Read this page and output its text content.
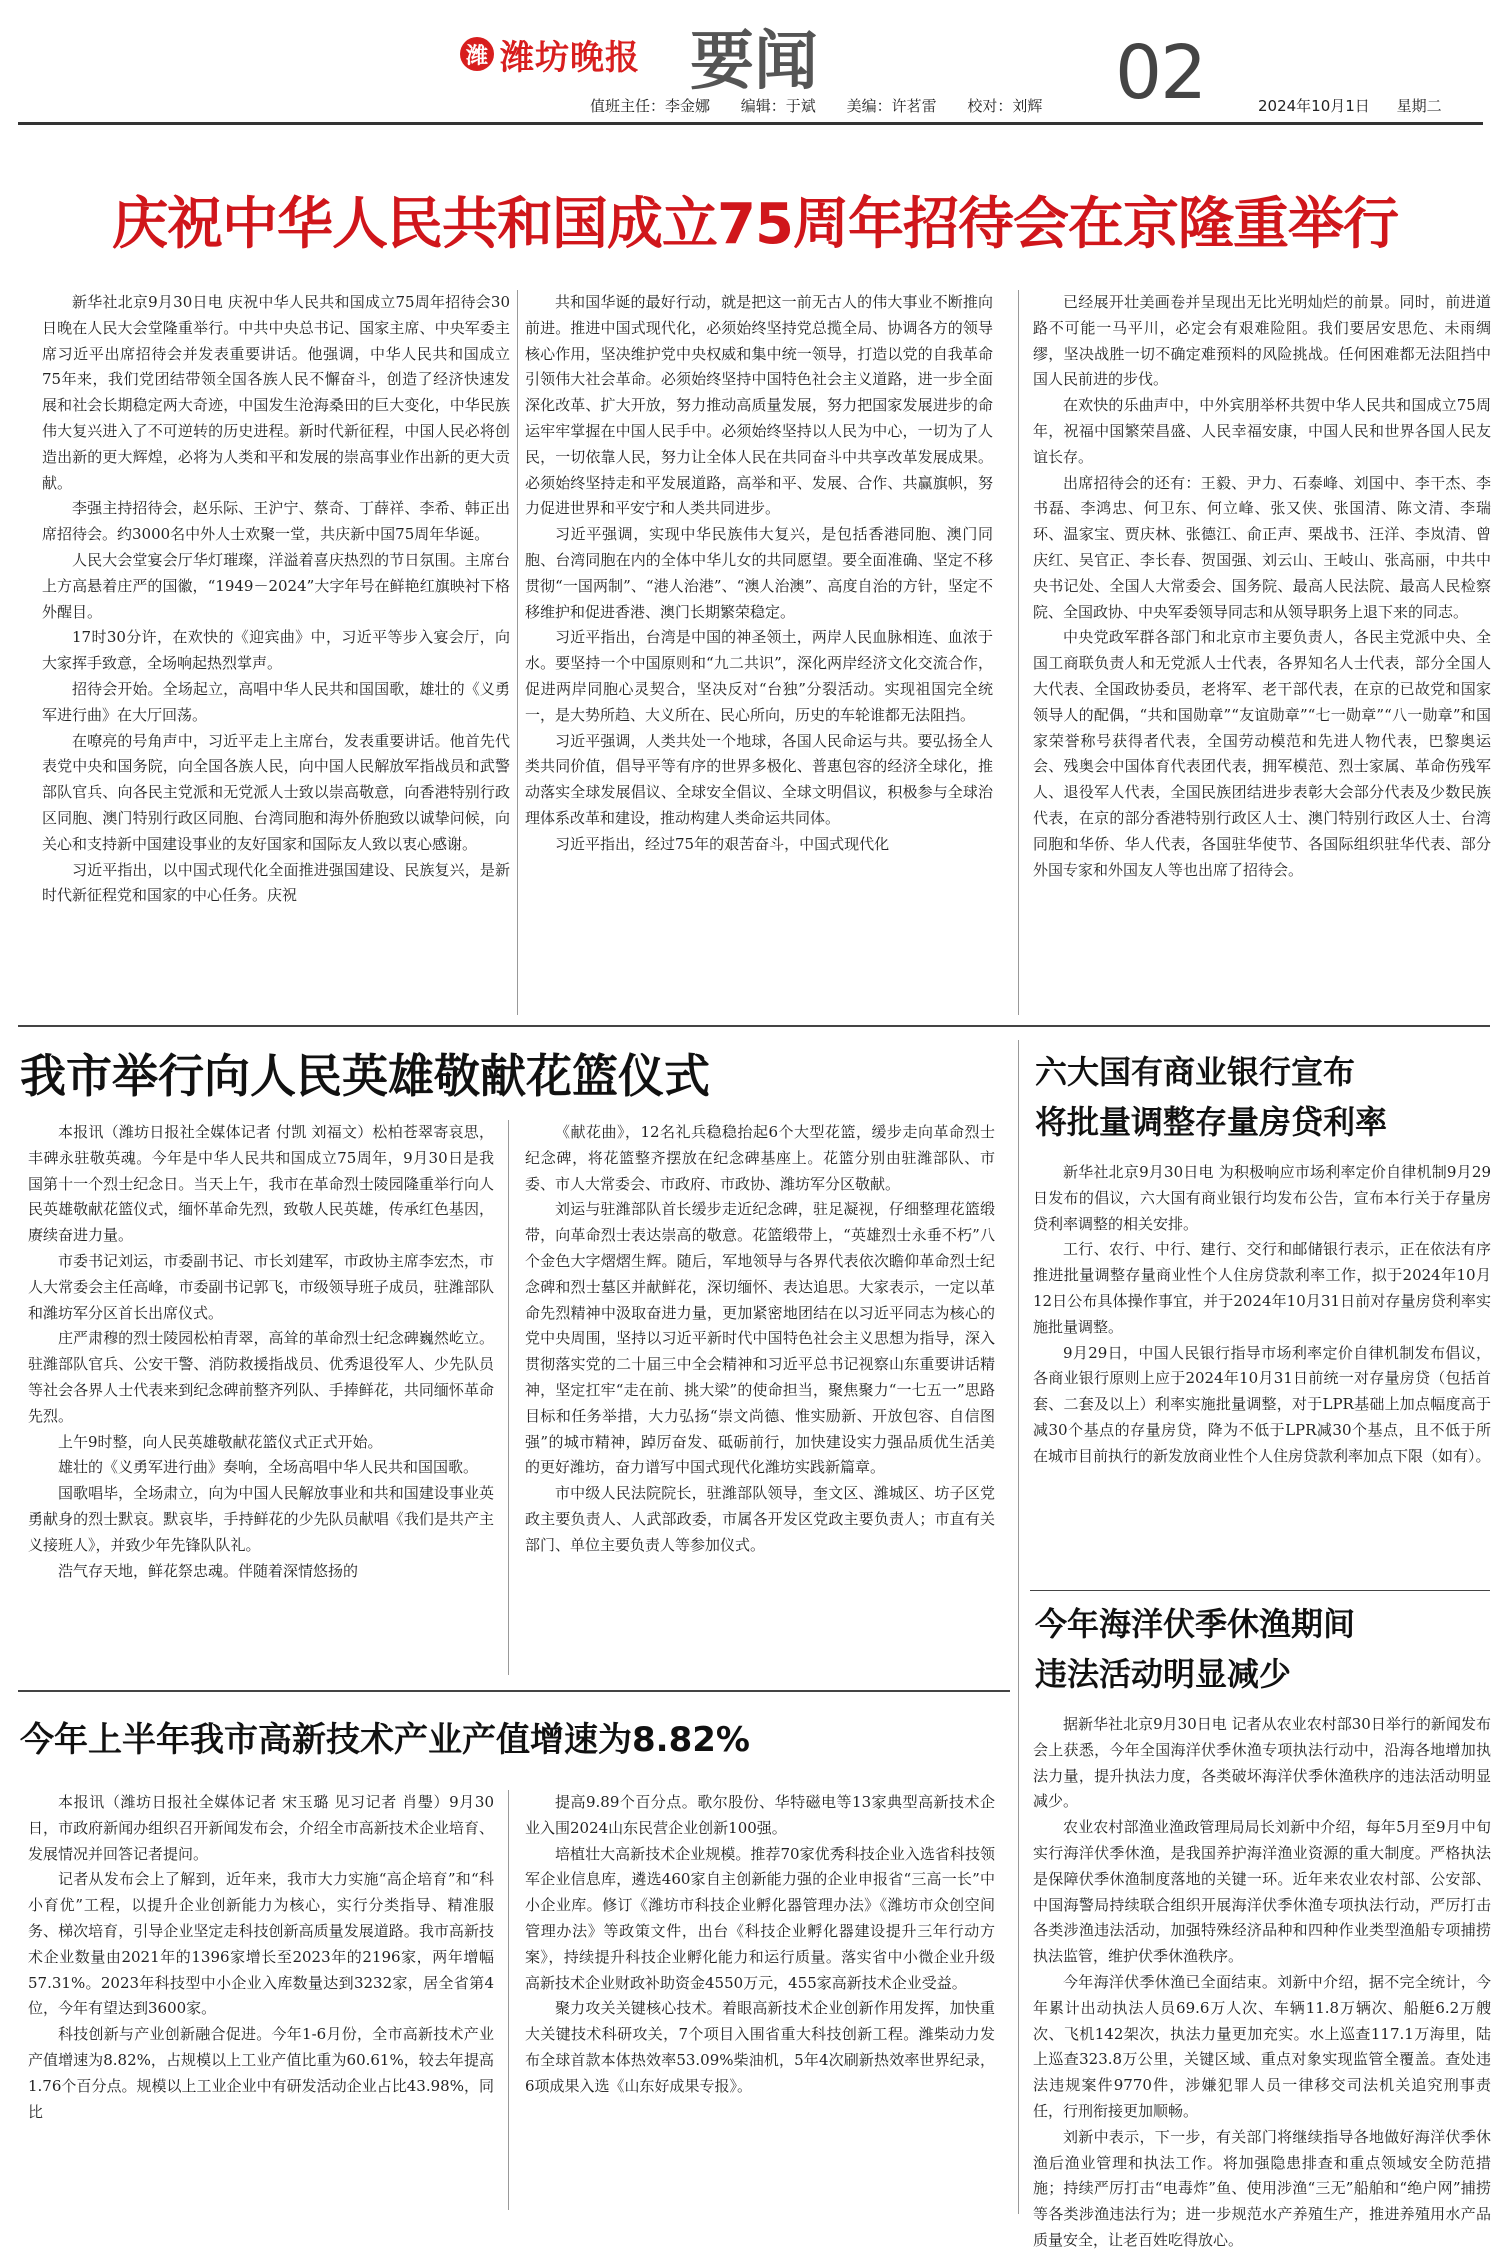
潍 潍坊晚报 要闻	02
值班主任：李金娜 编辑：于斌 美编：许茗雷 校对：刘辉	2024年10月1日 星期二
庆祝中华人民共和国成立75周年招待会在京隆重举行

新华社北京9月30日电 庆祝中华人民共和国成立75周年招待会30日晚在人民大会堂隆重举行。中共中央总书记、国家主席、中央军委主席习近平出席招待会并发表重要讲话。他强调，中华人民共和国成立75年来，我们党团结带领全国各族人民不懈奋斗，创造了经济快速发展和社会长期稳定两大奇迹，中国发生沧海桑田的巨大变化，中华民族伟大复兴进入了不可逆转的历史进程。新时代新征程，中国人民必将创造出新的更大辉煌，必将为人类和平和发展的崇高事业作出新的更大贡献。

李强主持招待会，赵乐际、王沪宁、蔡奇、丁薛祥、李希、韩正出席招待会。约3000名中外人士欢聚一堂，共庆新中国75周年华诞。

人民大会堂宴会厅华灯璀璨，洋溢着喜庆热烈的节日氛围。主席台上方高悬着庄严的国徽，“1949－2024”大字年号在鲜艳红旗映衬下格外醒目。

17时30分许，在欢快的《迎宾曲》中，习近平等步入宴会厅，向大家挥手致意，全场响起热烈掌声。

招待会开始。全场起立，高唱中华人民共和国国歌，雄壮的《义勇军进行曲》在大厅回荡。

在嘹亮的号角声中，习近平走上主席台，发表重要讲话。他首先代表党中央和国务院，向全国各族人民，向中国人民解放军指战员和武警部队官兵、向各民主党派和无党派人士致以崇高敬意，向香港特别行政区同胞、澳门特别行政区同胞、台湾同胞和海外侨胞致以诚挚问候，向关心和支持新中国建设事业的友好国家和国际友人致以衷心感谢。

习近平指出，以中国式现代化全面推进强国建设、民族复兴，是新时代新征程党和国家的中心任务。庆祝

共和国华诞的最好行动，就是把这一前无古人的伟大事业不断推向前进。推进中国式现代化，必须始终坚持党总揽全局、协调各方的领导核心作用，坚决维护党中央权威和集中统一领导，打造以党的自我革命引领伟大社会革命。必须始终坚持中国特色社会主义道路，进一步全面深化改革、扩大开放，努力推动高质量发展，努力把国家发展进步的命运牢牢掌握在中国人民手中。必须始终坚持以人民为中心，一切为了人民，一切依靠人民，努力让全体人民在共同奋斗中共享改革发展成果。必须始终坚持走和平发展道路，高举和平、发展、合作、共赢旗帜，努力促进世界和平安宁和人类共同进步。

习近平强调，实现中华民族伟大复兴，是包括香港同胞、澳门同胞、台湾同胞在内的全体中华儿女的共同愿望。要全面准确、坚定不移贯彻“一国两制”、“港人治港”、“澳人治澳”、高度自治的方针，坚定不移维护和促进香港、澳门长期繁荣稳定。

习近平指出，台湾是中国的神圣领土，两岸人民血脉相连、血浓于水。要坚持一个中国原则和“九二共识”，深化两岸经济文化交流合作，促进两岸同胞心灵契合，坚决反对“台独”分裂活动。实现祖国完全统一，是大势所趋、大义所在、民心所向，历史的车轮谁都无法阻挡。

习近平强调，人类共处一个地球，各国人民命运与共。要弘扬全人类共同价值，倡导平等有序的世界多极化、普惠包容的经济全球化，推动落实全球发展倡议、全球安全倡议、全球文明倡议，积极参与全球治理体系改革和建设，推动构建人类命运共同体。

习近平指出，经过75年的艰苦奋斗，中国式现代化

已经展开壮美画卷并呈现出无比光明灿烂的前景。同时，前进道路不可能一马平川，必定会有艰难险阻。我们要居安思危、未雨绸缪，坚决战胜一切不确定难预料的风险挑战。任何困难都无法阻挡中国人民前进的步伐。

在欢快的乐曲声中，中外宾朋举杯共贺中华人民共和国成立75周年，祝福中国繁荣昌盛、人民幸福安康，中国人民和世界各国人民友谊长存。

出席招待会的还有：王毅、尹力、石泰峰、刘国中、李干杰、李书磊、李鸿忠、何卫东、何立峰、张又侠、张国清、陈文清、李瑞环、温家宝、贾庆林、张德江、俞正声、栗战书、汪洋、李岚清、曾庆红、吴官正、李长春、贺国强、刘云山、王岐山、张高丽，中共中央书记处、全国人大常委会、国务院、最高人民法院、最高人民检察院、全国政协、中央军委领导同志和从领导职务上退下来的同志。

中央党政军群各部门和北京市主要负责人，各民主党派中央、全国工商联负责人和无党派人士代表，各界知名人士代表，部分全国人大代表、全国政协委员，老将军、老干部代表，在京的已故党和国家领导人的配偶，“共和国勋章”“友谊勋章”“七一勋章”“八一勋章”和国家荣誉称号获得者代表，全国劳动模范和先进人物代表，巴黎奥运会、残奥会中国体育代表团代表，拥军模范、烈士家属、革命伤残军人、退役军人代表，全国民族团结进步表彰大会部分代表及少数民族代表，在京的部分香港特别行政区人士、澳门特别行政区人士、台湾同胞和华侨、华人代表，各国驻华使节、各国际组织驻华代表、部分外国专家和外国友人等也出席了招待会。

我市举行向人民英雄敬献花篮仪式

本报讯（潍坊日报社全媒体记者 付凯 刘福文）松柏苍翠寄哀思，丰碑永驻敬英魂。今年是中华人民共和国成立75周年，9月30日是我国第十一个烈士纪念日。当天上午，我市在革命烈士陵园隆重举行向人民英雄敬献花篮仪式，缅怀革命先烈，致敬人民英雄，传承红色基因，赓续奋进力量。

市委书记刘运，市委副书记、市长刘建军，市政协主席李宏杰，市人大常委会主任高峰，市委副书记郭飞，市级领导班子成员，驻潍部队和潍坊军分区首长出席仪式。

庄严肃穆的烈士陵园松柏青翠，高耸的革命烈士纪念碑巍然屹立。驻潍部队官兵、公安干警、消防救援指战员、优秀退役军人、少先队员等社会各界人士代表来到纪念碑前整齐列队、手捧鲜花，共同缅怀革命先烈。

上午9时整，向人民英雄敬献花篮仪式正式开始。

雄壮的《义勇军进行曲》奏响，全场高唱中华人民共和国国歌。

国歌唱毕，全场肃立，向为中国人民解放事业和共和国建设事业英勇献身的烈士默哀。默哀毕，手持鲜花的少先队员献唱《我们是共产主义接班人》，并致少年先锋队队礼。

浩气存天地，鲜花祭忠魂。伴随着深情悠扬的

《献花曲》，12名礼兵稳稳抬起6个大型花篮，缓步走向革命烈士纪念碑，将花篮整齐摆放在纪念碑基座上。花篮分别由驻潍部队、市委、市人大常委会、市政府、市政协、潍坊军分区敬献。

刘运与驻潍部队首长缓步走近纪念碑，驻足凝视，仔细整理花篮缎带，向革命烈士表达崇高的敬意。花篮缎带上，“英雄烈士永垂不朽”八个金色大字熠熠生辉。随后，军地领导与各界代表依次瞻仰革命烈士纪念碑和烈士墓区并献鲜花，深切缅怀、表达追思。大家表示，一定以革命先烈精神中汲取奋进力量，更加紧密地团结在以习近平同志为核心的党中央周围，坚持以习近平新时代中国特色社会主义思想为指导，深入贯彻落实党的二十届三中全会精神和习近平总书记视察山东重要讲话精神，坚定扛牢“走在前、挑大梁”的使命担当，聚焦聚力“一七五一”思路目标和任务举措，大力弘扬“崇文尚德、惟实励新、开放包容、自信图强”的城市精神，踔厉奋发、砥砺前行，加快建设实力强品质优生活美的更好潍坊，奋力谱写中国式现代化潍坊实践新篇章。

市中级人民法院院长，驻潍部队领导，奎文区、潍城区、坊子区党政主要负责人、人武部政委，市属各开发区党政主要负责人；市直有关部门、单位主要负责人等参加仪式。

今年上半年我市高新技术产业产值增速为8.82%

本报讯（潍坊日报社全媒体记者 宋玉璐 见习记者 肖璺）9月30日，市政府新闻办组织召开新闻发布会，介绍全市高新技术企业培育、发展情况并回答记者提问。

记者从发布会上了解到，近年来，我市大力实施“高企培育”和“科小育优”工程，以提升企业创新能力为核心，实行分类指导、精准服务、梯次培育，引导企业坚定走科技创新高质量发展道路。我市高新技术企业数量由2021年的1396家增长至2023年的2196家，两年增幅57.31%。2023年科技型中小企业入库数量达到3232家，居全省第4位，今年有望达到3600家。

科技创新与产业创新融合促进。今年1-6月份，全市高新技术产业产值增速为8.82%，占规模以上工业产值比重为60.61%，较去年提高1.76个百分点。规模以上工业企业中有研发活动企业占比43.98%，同比

提高9.89个百分点。歌尔股份、华特磁电等13家典型高新技术企业入围2024山东民营企业创新100强。

培植壮大高新技术企业规模。推荐70家优秀科技企业入选省科技领军企业信息库，遴选460家自主创新能力强的企业申报省“三高一长”中小企业库。修订《潍坊市科技企业孵化器管理办法》《潍坊市众创空间管理办法》等政策文件，出台《科技企业孵化器建设提升三年行动方案》，持续提升科技企业孵化能力和运行质量。落实省中小微企业升级高新技术企业财政补助资金4550万元，455家高新技术企业受益。

聚力攻关关键核心技术。着眼高新技术企业创新作用发挥，加快重大关键技术科研攻关，7个项目入围省重大科技创新工程。潍柴动力发布全球首款本体热效率53.09%柴油机，5年4次刷新热效率世界纪录，6项成果入选《山东好成果专报》。

六大国有商业银行宣布
将批量调整存量房贷利率

新华社北京9月30日电 为积极响应市场利率定价自律机制9月29日发布的倡议，六大国有商业银行均发布公告，宣布本行关于存量房贷利率调整的相关安排。

工行、农行、中行、建行、交行和邮储银行表示，正在依法有序推进批量调整存量商业性个人住房贷款利率工作，拟于2024年10月12日公布具体操作事宜，并于2024年10月31日前对存量房贷利率实施批量调整。

9月29日，中国人民银行指导市场利率定价自律机制发布倡议，各商业银行原则上应于2024年10月31日前统一对存量房贷（包括首套、二套及以上）利率实施批量调整，对于LPR基础上加点幅度高于减30个基点的存量房贷，降为不低于LPR减30个基点，且不低于所在城市目前执行的新发放商业性个人住房贷款利率加点下限（如有）。

今年海洋伏季休渔期间
违法活动明显减少

据新华社北京9月30日电 记者从农业农村部30日举行的新闻发布会上获悉，今年全国海洋伏季休渔专项执法行动中，沿海各地增加执法力量，提升执法力度，各类破坏海洋伏季休渔秩序的违法活动明显减少。

农业农村部渔业渔政管理局局长刘新中介绍，每年5月至9月中旬实行海洋伏季休渔，是我国养护海洋渔业资源的重大制度。严格执法是保障伏季休渔制度落地的关键一环。近年来农业农村部、公安部、中国海警局持续联合组织开展海洋伏季休渔专项执法行动，严厉打击各类涉渔违法活动，加强特殊经济品种和四种作业类型渔船专项捕捞执法监管，维护伏季休渔秩序。

今年海洋伏季休渔已全面结束。刘新中介绍，据不完全统计，今年累计出动执法人员69.6万人次、车辆11.8万辆次、船艇6.2万艘次、飞机142架次，执法力量更加充实。水上巡查117.1万海里，陆上巡查323.8万公里，关键区域、重点对象实现监管全覆盖。查处违法违规案件9770件，涉嫌犯罪人员一律移交司法机关追究刑事责任，行刑衔接更加顺畅。

刘新中表示，下一步，有关部门将继续指导各地做好海洋伏季休渔后渔业管理和执法工作。将加强隐患排查和重点领域安全防范措施；持续严厉打击“电毒炸”鱼、使用涉渔“三无”船舶和“绝户网”捕捞等各类涉渔违法行为；进一步规范水产养殖生产，推进养殖用水产品质量安全，让老百姓吃得放心。
